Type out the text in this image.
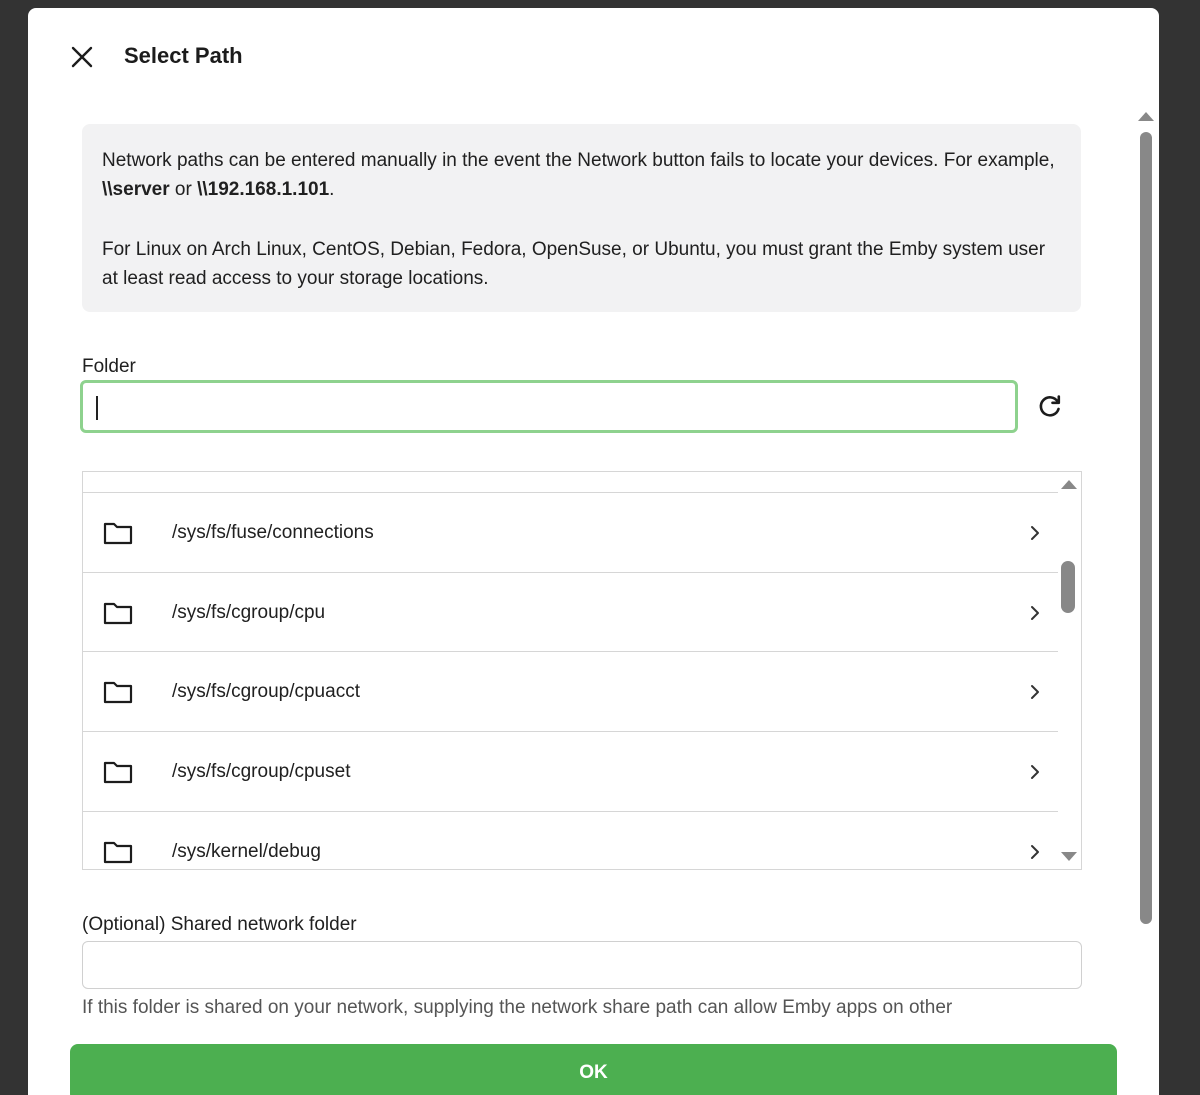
Select Path

Network paths can be entered manually in the event the Network button fails to locate your devices. For example, \\server or \\192.168.1.101.

For Linux on Arch Linux, CentOS, Debian, Fedora, OpenSuse, or Ubuntu, you must grant the Emby system user at least read access to your storage locations.

Folder
/sys/fs/fuse/connections
/sys/fs/cgroup/cpu
/sys/fs/cgroup/cpuacct
/sys/fs/cgroup/cpuset
/sys/kernel/debug
(Optional) Shared network folder
If this folder is shared on your network, supplying the network share path can allow Emby apps on other
OK
